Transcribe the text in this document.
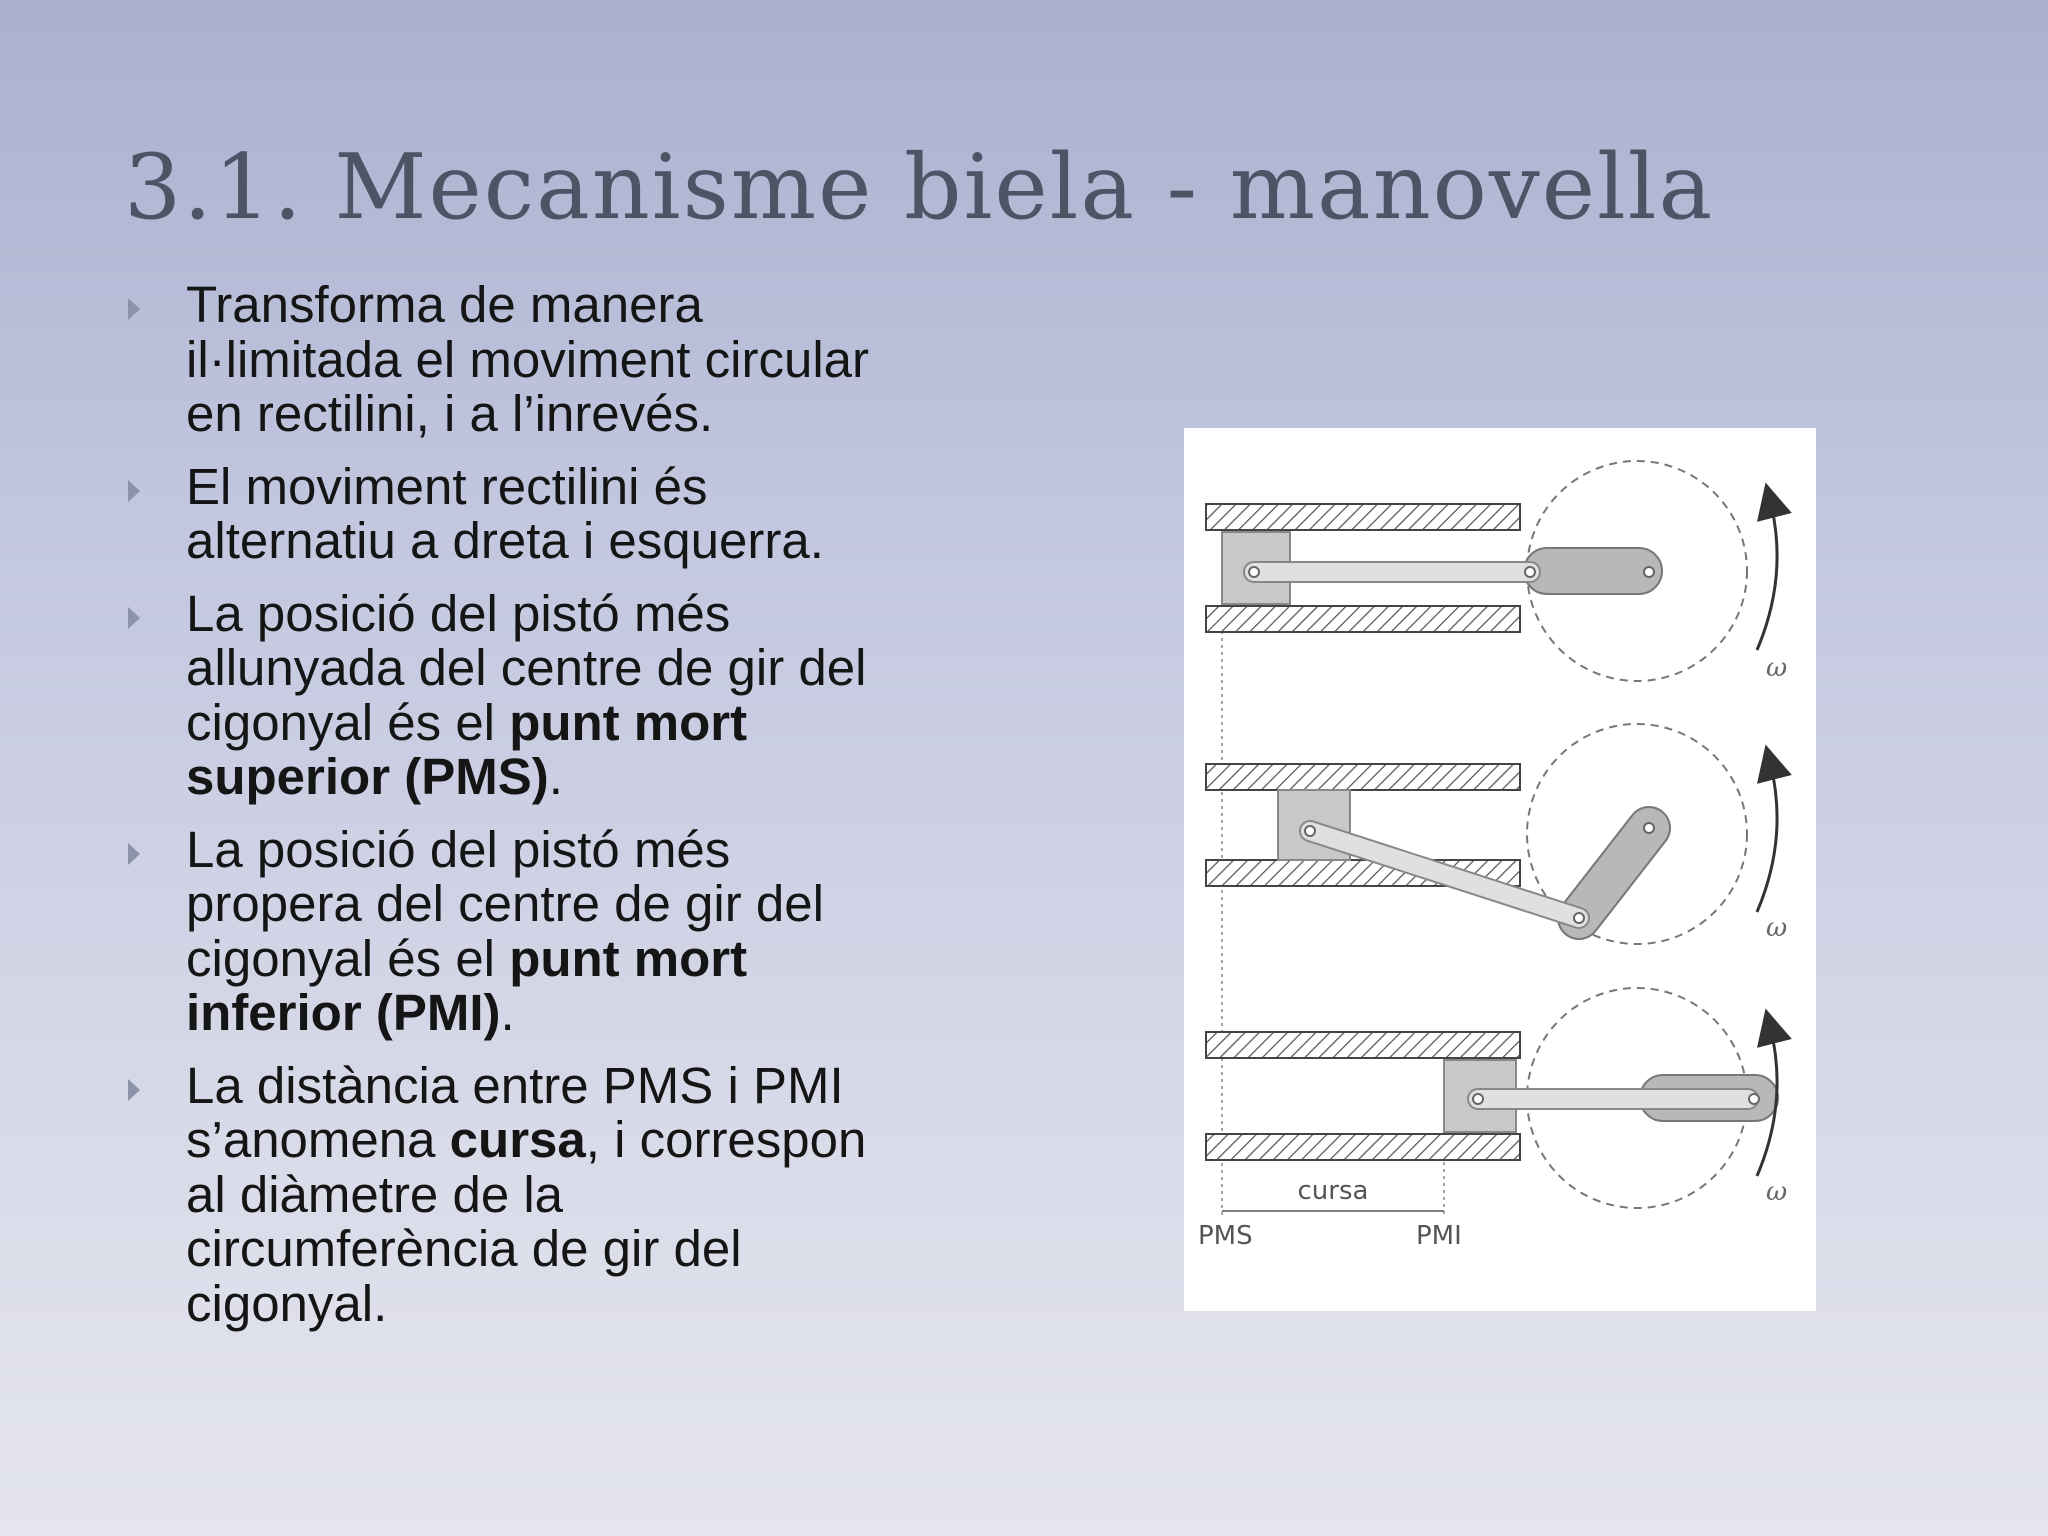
3.1. Mecanisme biela - manovella
Transforma de manera
il·limitada el moviment circular
en rectilini, i a l’inrevés.
El moviment rectilini és
alternatiu a dreta i esquerra.
La posició del pistó més
allunyada del centre de gir del
cigonyal és el punt mort
superior (PMS).
La posició del pistó més
propera del centre de gir del
cigonyal és el punt mort
inferior (PMI).
La distància entre PMS i PMI
s’anomena cursa, i correspon
al diàmetre de la
circumferència de gir del
cigonyal.
ω
ω
ω
cursa
PMS	PMI
